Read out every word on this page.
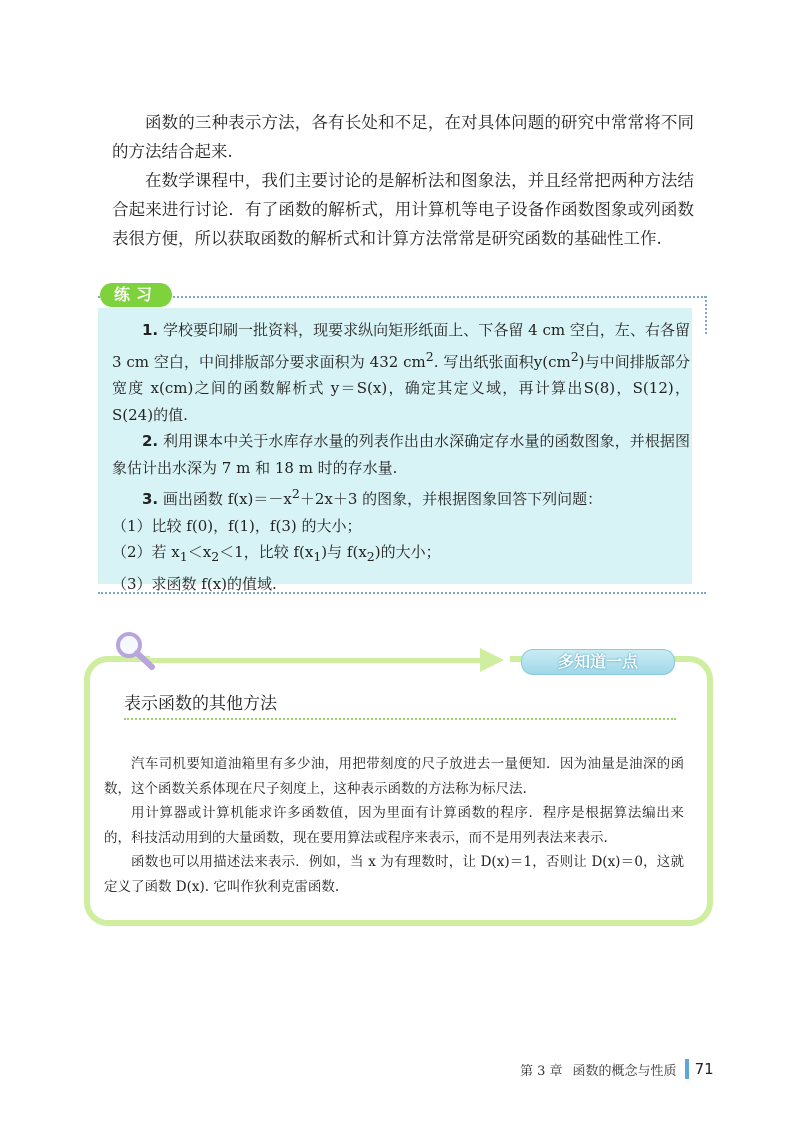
函数的三种表示方法，各有长处和不足，在对具体问题的研究中常常将不同的方法结合起来.

在数学课程中，我们主要讨论的是解析法和图象法，并且经常把两种方法结合起来进行讨论．有了函数的解析式，用计算机等电子设备作函数图象或列函数表很方便，所以获取函数的解析式和计算方法常常是研究函数的基础性工作.

练习

1. 学校要印刷一批资料，现要求纵向矩形纸面上、下各留 4 cm 空白，左、右各留3 cm 空白，中间排版部分要求面积为 432 $cm^2$. 写出纸张面积$y(cm^2)$与中间排版部分宽度 x(cm)之间的函数解析式 y＝S(x)，确定其定义域，再计算出S(8)，S(12)，S(24)的值.

2. 利用课本中关于水库存水量的列表作出由水深确定存水量的函数图象，并根据图象估计出水深为 7 m 和 18 m 时的存水量.

3. 画出函数 $f(x)=-x^2+2x+3$ 的图象，并根据图象回答下列问题：

（1）比较 f(0)，f(1)，f(3) 的大小；

（2）若 $x_1<x_2<1$，比较 $f(x_1)$与 $f(x_2)$的大小；

（3）求函数 f(x)的值域.

多知道一点
表示函数的其他方法

汽车司机要知道油箱里有多少油，用把带刻度的尺子放进去一量便知．因为油量是油深的函数，这个函数关系体现在尺子刻度上，这种表示函数的方法称为标尺法.

用计算器或计算机能求许多函数值，因为里面有计算函数的程序．程序是根据算法编出来的，科技活动用到的大量函数，现在要用算法或程序来表示，而不是用列表法来表示.

函数也可以用描述法来表示．例如，当 x 为有理数时，让 D(x)＝1，否则让 D(x)＝0，这就定义了函数 D(x). 它叫作狄利克雷函数.

第 3 章 函数的概念与性质 71
